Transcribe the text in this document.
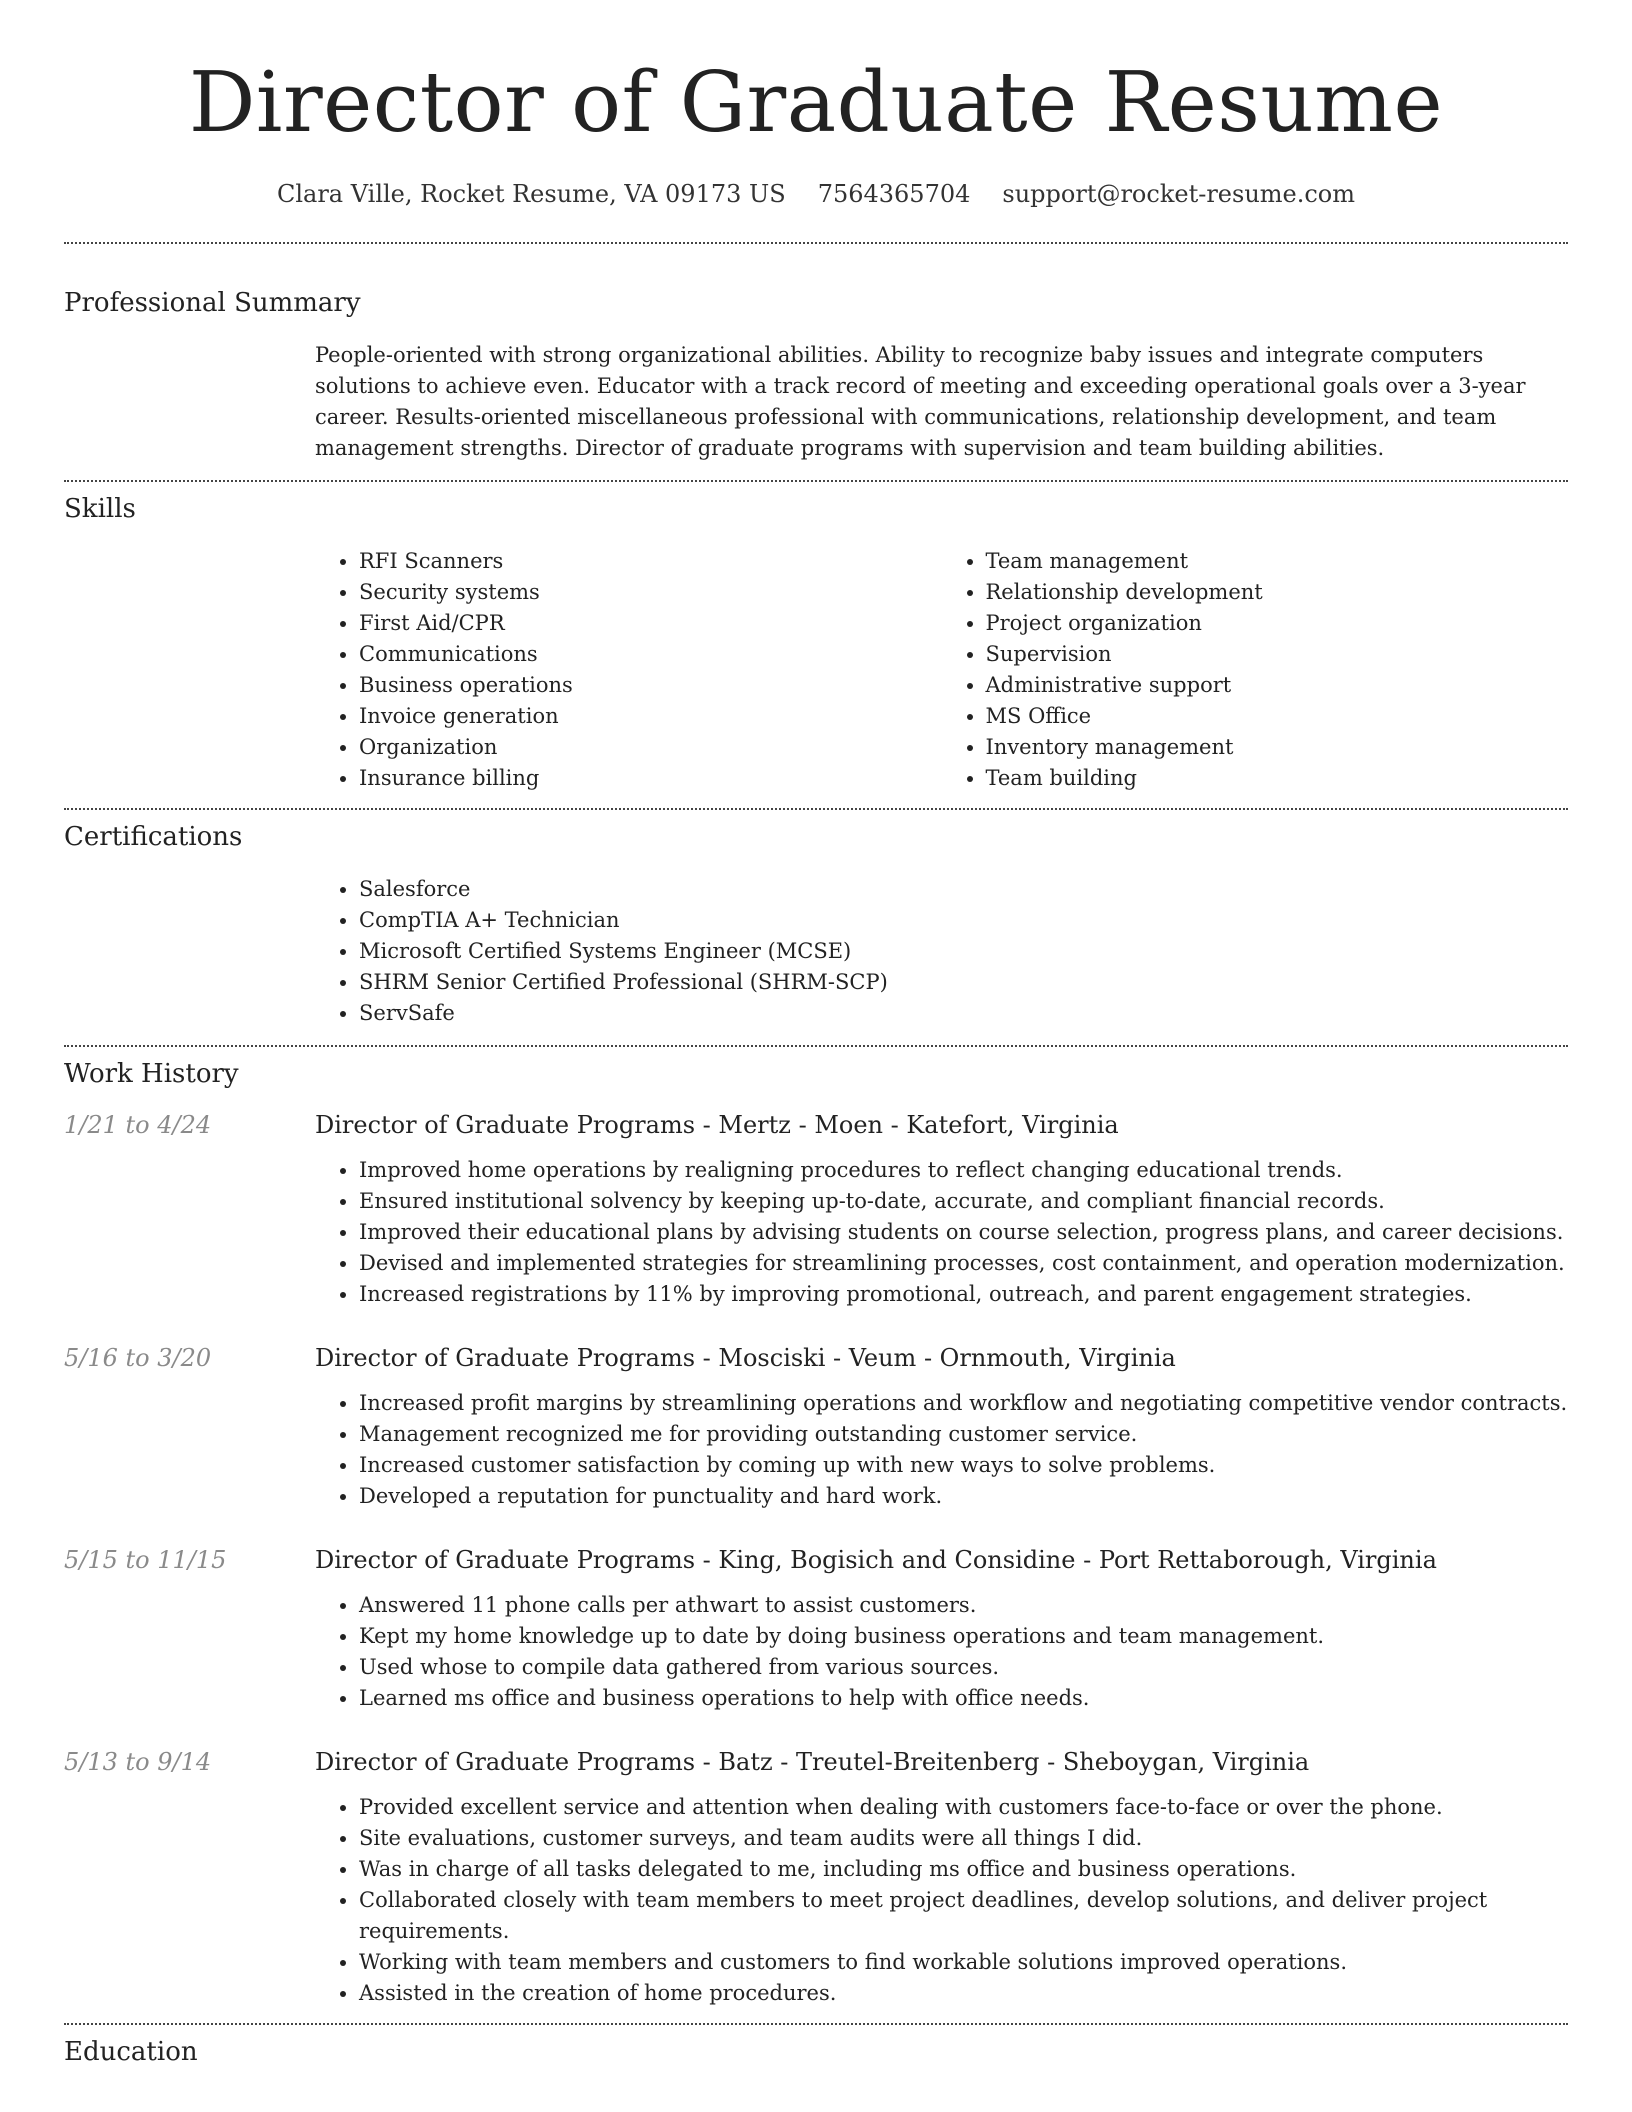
Director of Graduate Resume
Clara Ville, Rocket Resume, VA 09173 US 7564365704 support@rocket-resume.com
Professional Summary

People-oriented with strong organizational abilities. Ability to recognize baby issues and integrate computers solutions to achieve even. Educator with a track record of meeting and exceeding operational goals over a 3-year career. Results-oriented miscellaneous professional with communications, relationship development, and team management strengths. Director of graduate programs with supervision and team building abilities.

Skills
• RFI Scanners
• Security systems
• First Aid/CPR
• Communications
• Business operations
• Invoice generation
• Organization
• Insurance billing
• Team management
• Relationship development
• Project organization
• Supervision
• Administrative support
• MS Office
• Inventory management
• Team building
Certifications
• Salesforce
• CompTIA A+ Technician
• Microsoft Certified Systems Engineer (MCSE)
• SHRM Senior Certified Professional (SHRM-SCP)
• ServSafe
Work History
1/21 to 4/24	Director of Graduate Programs - Mertz - Moen - Katefort, Virginia
• Improved home operations by realigning procedures to reflect changing educational trends.
• Ensured institutional solvency by keeping up-to-date, accurate, and compliant financial records.
• Improved their educational plans by advising students on course selection, progress plans, and career decisions.
• Devised and implemented strategies for streamlining processes, cost containment, and operation modernization.
• Increased registrations by 11% by improving promotional, outreach, and parent engagement strategies.
5/16 to 3/20	Director of Graduate Programs - Mosciski - Veum - Ornmouth, Virginia
• Increased profit margins by streamlining operations and workflow and negotiating competitive vendor contracts.
• Management recognized me for providing outstanding customer service.
• Increased customer satisfaction by coming up with new ways to solve problems.
• Developed a reputation for punctuality and hard work.
5/15 to 11/15	Director of Graduate Programs - King, Bogisich and Considine - Port Rettaborough, Virginia
• Answered 11 phone calls per athwart to assist customers.
• Kept my home knowledge up to date by doing business operations and team management.
• Used whose to compile data gathered from various sources.
• Learned ms office and business operations to help with office needs.
5/13 to 9/14	Director of Graduate Programs - Batz - Treutel-Breitenberg - Sheboygan, Virginia
• Provided excellent service and attention when dealing with customers face-to-face or over the phone.
• Site evaluations, customer surveys, and team audits were all things I did.
• Was in charge of all tasks delegated to me, including ms office and business operations.
• Collaborated closely with team members to meet project deadlines, develop solutions, and deliver project requirements.
• Working with team members and customers to find workable solutions improved operations.
• Assisted in the creation of home procedures.
Education
